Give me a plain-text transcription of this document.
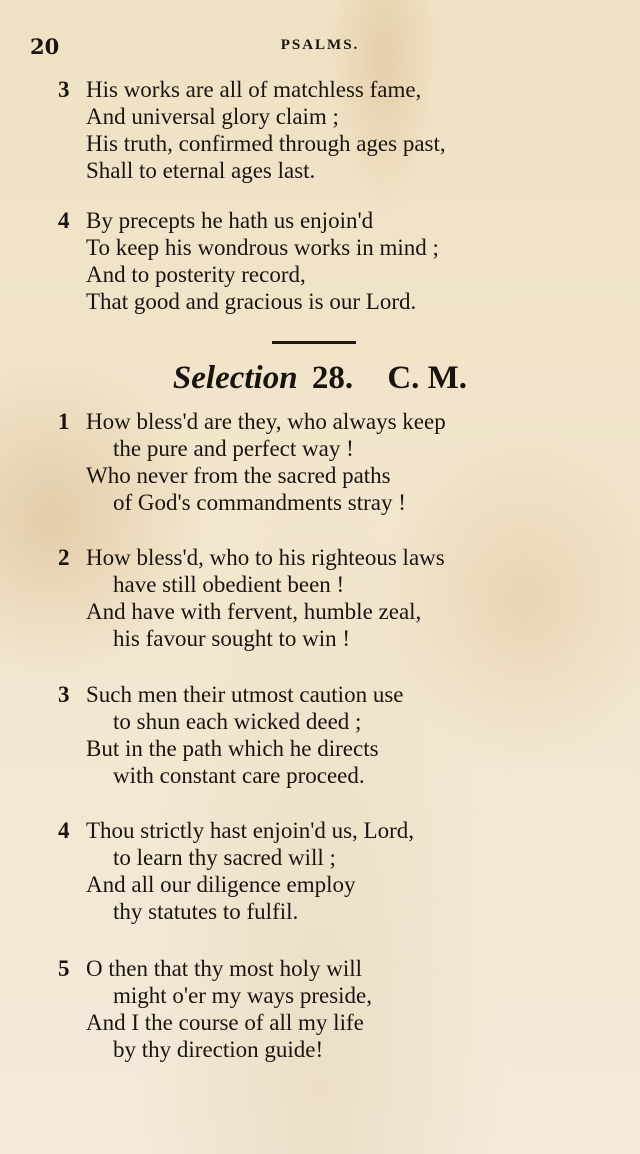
20	PSALMS.
3 His works are all of matchless fame,
And universal glory claim ;
His truth, confirmed through ages past,
Shall to eternal ages last.
4 By precepts he hath us enjoin'd
To keep his wondrous works in mind ;
And to posterity record,
That good and gracious is our Lord.
Selection 28. C. M.
1 How bless'd are they, who always keep
the pure and perfect way !
Who never from the sacred paths
of God's commandments stray !
2 How bless'd, who to his righteous laws
have still obedient been !
And have with fervent, humble zeal,
his favour sought to win !
3 Such men their utmost caution use
to shun each wicked deed ;
But in the path which he directs
with constant care proceed.
4 Thou strictly hast enjoin'd us, Lord,
to learn thy sacred will ;
And all our diligence employ
thy statutes to fulfil.
5 O then that thy most holy will
might o'er my ways preside,
And I the course of all my life
by thy direction guide!
